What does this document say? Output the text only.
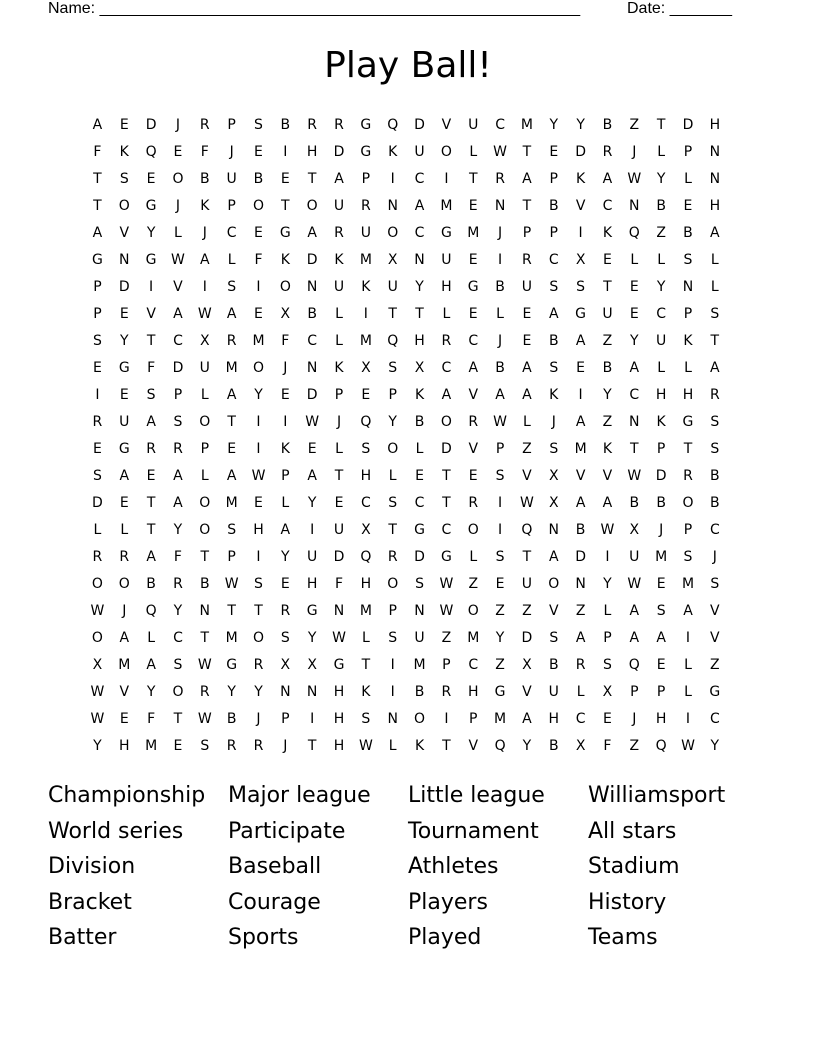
Name: ______________________________________________________	Date: _______
Play Ball!
A	E	D	J	R	P	S	B	R	R	G	Q	D	V	U	C	M	Y	Y	B	Z	T	D	H
F	K	Q	E	F	J	E	I	H	D	G	K	U	O	L	W	T	E	D	R	J	L	P	N
T	S	E	O	B	U	B	E	T	A	P	I	C	I	T	R	A	P	K	A	W	Y	L	N
T	O	G	J	K	P	O	T	O	U	R	N	A	M	E	N	T	B	V	C	N	B	E	H
A	V	Y	L	J	C	E	G	A	R	U	O	C	G	M	J	P	P	I	K	Q	Z	B	A
G	N	G	W	A	L	F	K	D	K	M	X	N	U	E	I	R	C	X	E	L	L	S	L
P	D	I	V	I	S	I	O	N	U	K	U	Y	H	G	B	U	S	S	T	E	Y	N	L
P	E	V	A	W	A	E	X	B	L	I	T	T	L	E	L	E	A	G	U	E	C	P	S
S	Y	T	C	X	R	M	F	C	L	M	Q	H	R	C	J	E	B	A	Z	Y	U	K	T
E	G	F	D	U	M	O	J	N	K	X	S	X	C	A	B	A	S	E	B	A	L	L	A
I	E	S	P	L	A	Y	E	D	P	E	P	K	A	V	A	A	K	I	Y	C	H	H	R
R	U	A	S	O	T	I	I	W	J	Q	Y	B	O	R	W	L	J	A	Z	N	K	G	S
E	G	R	R	P	E	I	K	E	L	S	O	L	D	V	P	Z	S	M	K	T	P	T	S
S	A	E	A	L	A	W	P	A	T	H	L	E	T	E	S	V	X	V	V	W	D	R	B
D	E	T	A	O	M	E	L	Y	E	C	S	C	T	R	I	W	X	A	A	B	B	O	B
L	L	T	Y	O	S	H	A	I	U	X	T	G	C	O	I	Q	N	B	W	X	J	P	C
R	R	A	F	T	P	I	Y	U	D	Q	R	D	G	L	S	T	A	D	I	U	M	S	J
O	O	B	R	B	W	S	E	H	F	H	O	S	W	Z	E	U	O	N	Y	W	E	M	S
W	J	Q	Y	N	T	T	R	G	N	M	P	N	W	O	Z	Z	V	Z	L	A	S	A	V
O	A	L	C	T	M	O	S	Y	W	L	S	U	Z	M	Y	D	S	A	P	A	A	I	V
X	M	A	S	W	G	R	X	X	G	T	I	M	P	C	Z	X	B	R	S	Q	E	L	Z
W	V	Y	O	R	Y	Y	N	N	H	K	I	B	R	H	G	V	U	L	X	P	P	L	G
W	E	F	T	W	B	J	P	I	H	S	N	O	I	P	M	A	H	C	E	J	H	I	C
Y	H	M	E	S	R	R	J	T	H	W	L	K	T	V	Q	Y	B	X	F	Z	Q	W	Y
Championship	Major league	Little league	Williamsport
World series	Participate	Tournament	All stars
Division	Baseball	Athletes	Stadium
Bracket	Courage	Players	History
Batter	Sports	Played	Teams
